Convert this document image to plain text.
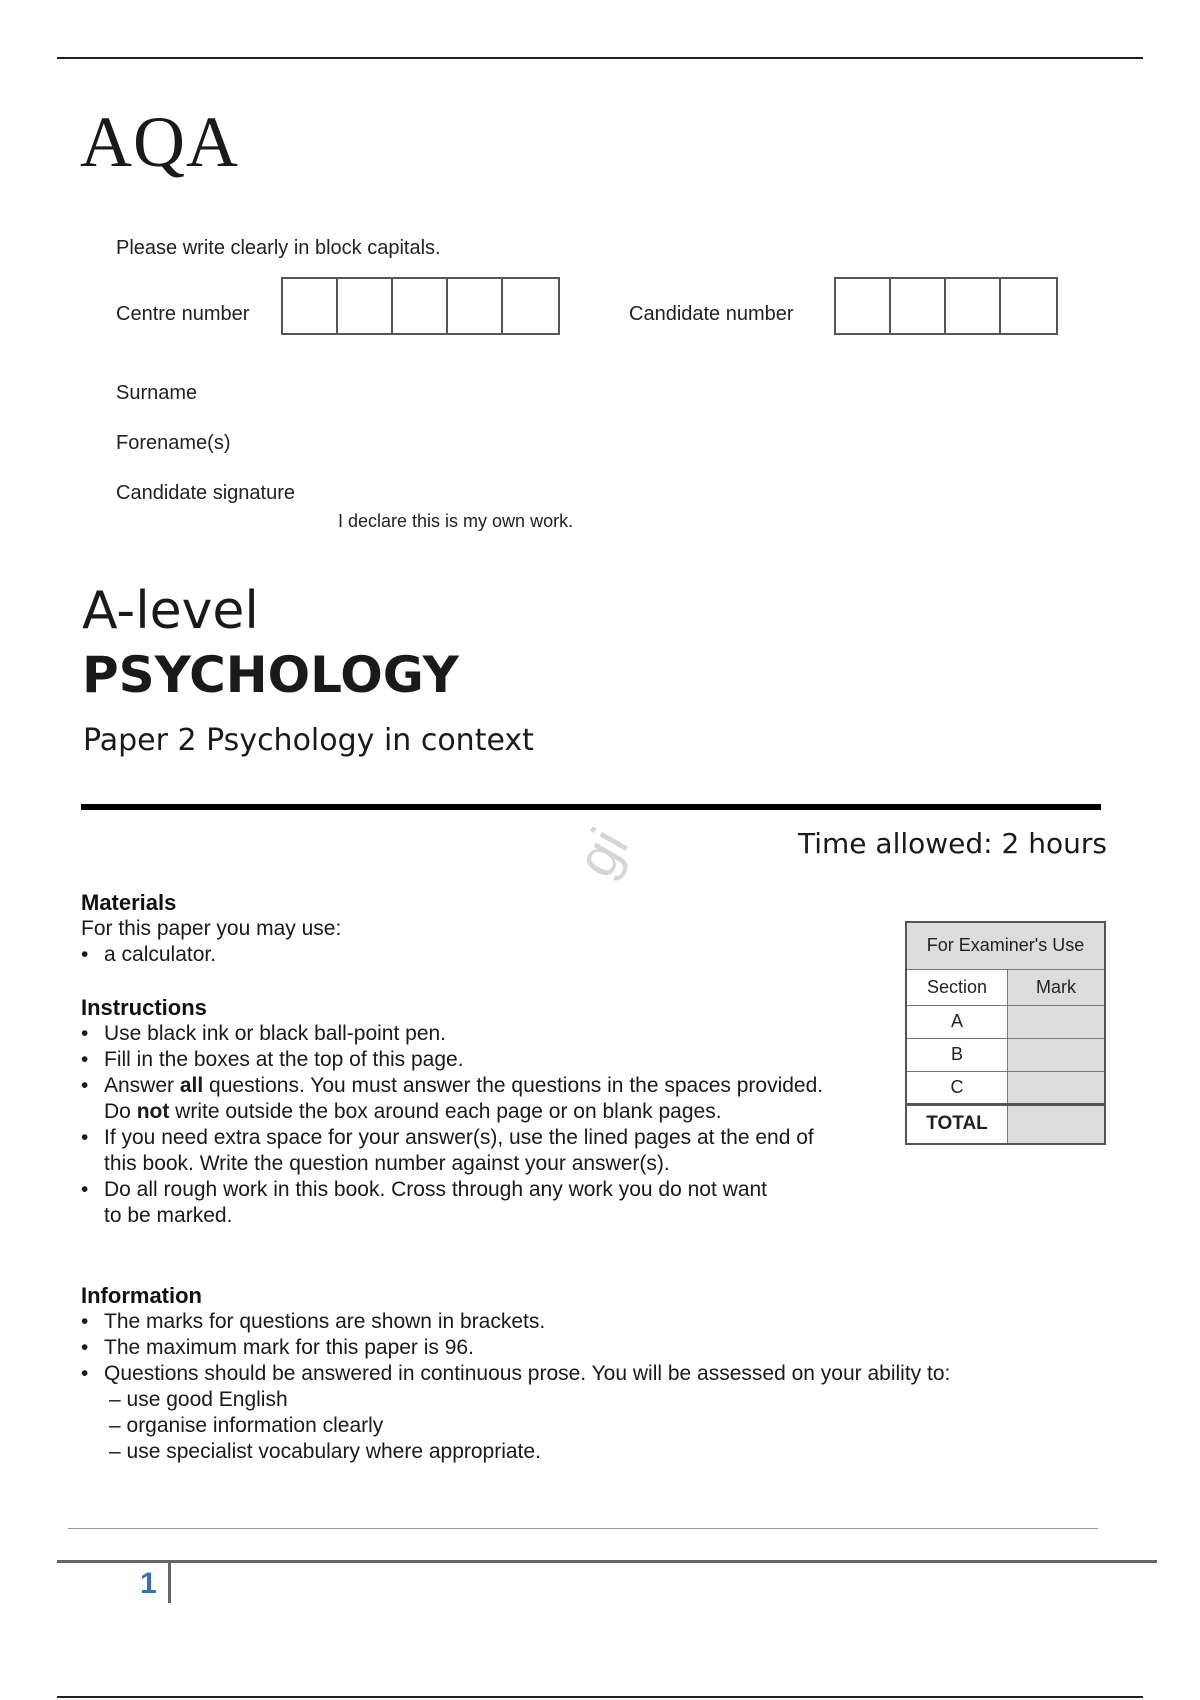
AQA
Please write clearly in block capitals.
Centre number	Candidate number
Surname
Forename(s)
Candidate signature
I declare this is my own work.
A-level
PSYCHOLOGY
Paper 2 Psychology in context
gi	Time allowed: 2 hours
Materials
For this paper you may use:
• a calculator.
Instructions
• Use black ink or black ball-point pen.
• Fill in the boxes at the top of this page.
• Answer all questions. You must answer the questions in the spaces provided. Do not write outside the box around each page or on blank pages.
• If you need extra space for your answer(s), use the lined pages at the end of this book. Write the question number against your answer(s).
• Do all rough work in this book. Cross through any work you do not want to be marked.
Information
• The marks for questions are shown in brackets.
• The maximum mark for this paper is 96.
• Questions should be answered in continuous prose. You will be assessed on your ability to:
– use good English
– organise information clearly
– use specialist vocabulary where appropriate.
For Examiner's Use	
Section	Mark
A	
B	
C	
TOTAL	
1
